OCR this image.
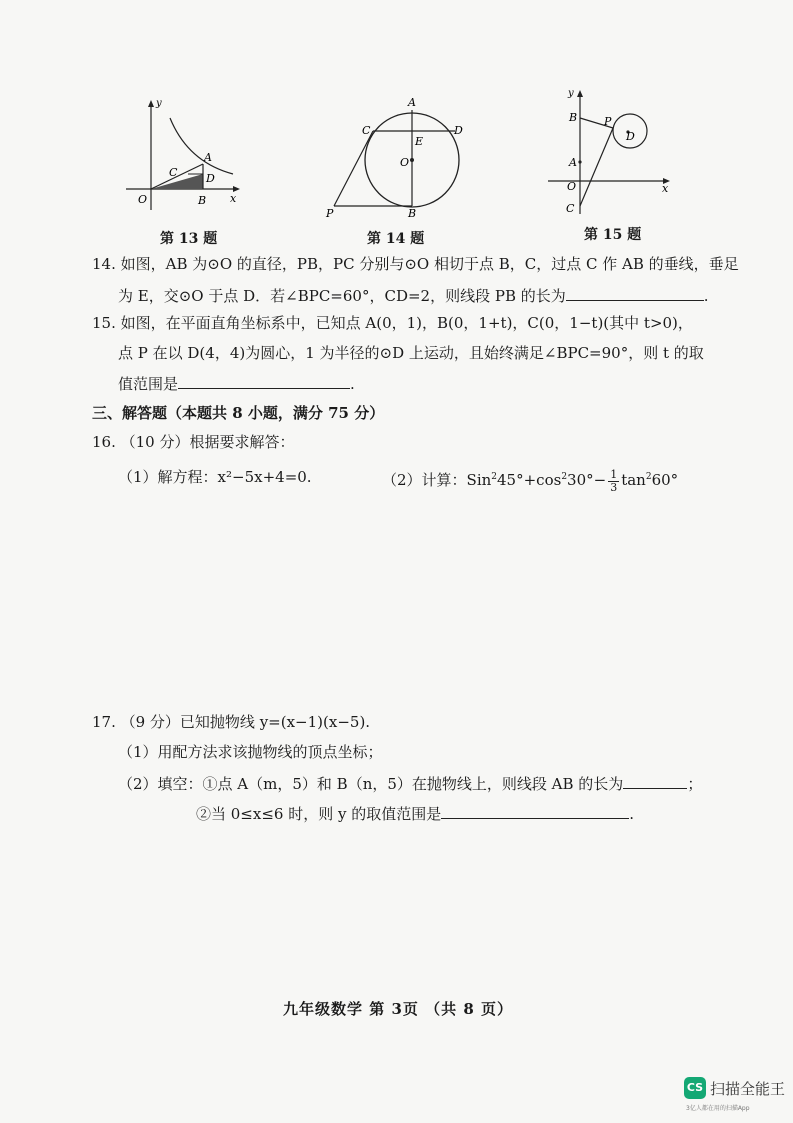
y
x
O
A
C	D
B
第 13 题
A
C	D
E
O
P	B
第 14 题
y
B P
D
A
O
C
x
第 15 题
14. 如图，AB 为⊙O 的直径，PB，PC 分别与⊙O 相切于点 B，C，过点 C 作 AB 的垂线，垂足
为 E，交⊙O 于点 D．若∠BPC=60°，CD=2，则线段 PB 的长为	.
15. 如图，在平面直角坐标系中，已知点 A(0，1)，B(0，1+t)，C(0，1−t)(其中 t>0)，
点 P 在以 D(4，4)为圆心，1 为半径的⊙D 上运动，且始终满足∠BPC=90°，则 t 的取
值范围是	.
三、解答题（本题共 8 小题，满分 75 分）
16. （10 分）根据要求解答：
（1）解方程：x²−5x+4=0.	（2）计算：$Sin^245^\circ+\cos^230^\circ- \frac{1}{3} \tan^260^\circ$
17. （9 分）已知抛物线 y=(x−1)(x−5).
（1）用配方法求该抛物线的顶点坐标；
（2）填空：①点 A（m，5）和 B（n，5）在抛物线上，则线段 AB 的长为	；
②当 0≤x≤6 时，则 y 的取值范围是	.
九年级数学 第 3页 （共 8 页）
CS 扫描全能王
3亿人都在用的扫描App
